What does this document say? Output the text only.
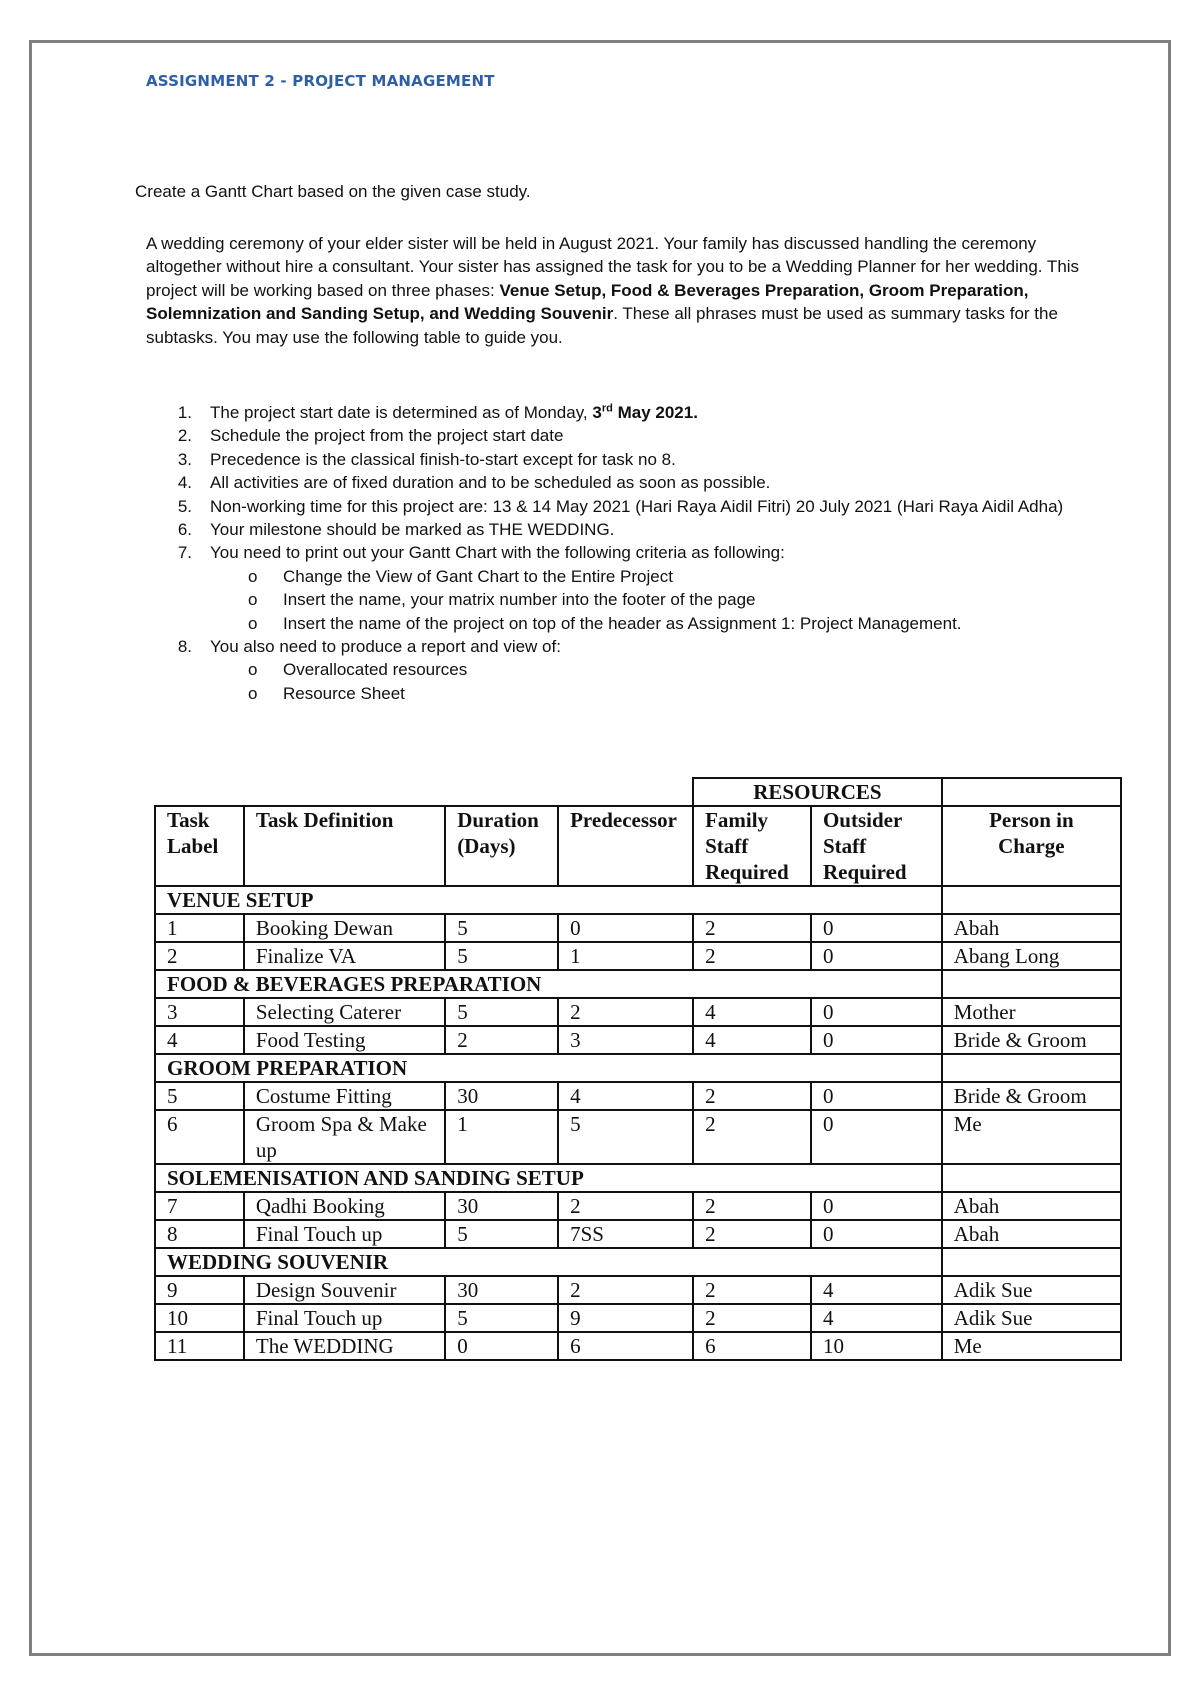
ASSIGNMENT 2 - PROJECT MANAGEMENT
Create a Gantt Chart based on the given case study.
A wedding ceremony of your elder sister will be held in August 2021. Your family has discussed handling the ceremony altogether without hire a consultant. Your sister has assigned the task for you to be a Wedding Planner for her wedding. This project will be working based on three phases: Venue Setup, Food & Beverages Preparation, Groom Preparation, Solemnization and Sanding Setup, and Wedding Souvenir. These all phrases must be used as summary tasks for the subtasks. You may use the following table to guide you.
1. The project start date is determined as of Monday, 3rd May 2021.
2. Schedule the project from the project start date
3. Precedence is the classical finish-to-start except for task no 8.
4. All activities are of fixed duration and to be scheduled as soon as possible.
5. Non-working time for this project are: 13 & 14 May 2021 (Hari Raya Aidil Fitri) 20 July 2021 (Hari Raya Aidil Adha)
6. Your milestone should be marked as THE WEDDING.
7. You need to print out your Gantt Chart with the following criteria as following:
o Change the View of Gant Chart to the Entire Project
o Insert the name, your matrix number into the footer of the page
o Insert the name of the project on top of the header as Assignment 1: Project Management.
8. You also need to produce a report and view of:
o Overallocated resources
o Resource Sheet
				RESOURCES		
Task Label	Task Definition	Duration (Days)	Predecessor	Family Staff Required	Outsider Staff Required	Person in Charge
VENUE SETUP						
1	Booking Dewan	5	0	2	0	Abah
2	Finalize VA	5	1	2	0	Abang Long
FOOD & BEVERAGES PREPARATION						
3	Selecting Caterer	5	2	4	0	Mother
4	Food Testing	2	3	4	0	Bride & Groom
GROOM PREPARATION						
5	Costume Fitting	30	4	2	0	Bride & Groom
6	Groom Spa & Make up	1	5	2	0	Me
SOLEMENISATION AND SANDING SETUP						
7	Qadhi Booking	30	2	2	0	Abah
8	Final Touch up	5	7SS	2	0	Abah
WEDDING SOUVENIR						
9	Design Souvenir	30	2	2	4	Adik Sue
10	Final Touch up	5	9	2	4	Adik Sue
11	The WEDDING	0	6	6	10	Me
